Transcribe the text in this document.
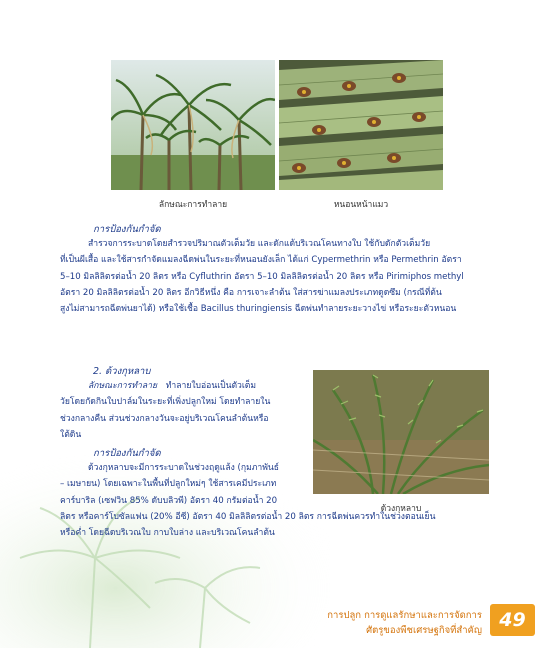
ลักษณะการทำลาย	หนอนหน้าแมว
การป้องกันกำจัด
สำรวจการระบาดโดยสำรวจปริมาณตัวเต็มวัย และดักแด้บริเวณโคนทางใบ ใช้กับดักตัวเต็มวัย
ที่เป็นผีเสื้อ และใช้สารกำจัดแมลงฉีดพ่นในระยะที่หนอนยังเล็ก ได้แก่ Cypermethrin หรือ Permethrin อัตรา
5–10 มิลลิลิตรต่อน้ำ 20 ลิตร หรือ Cyfluthrin อัตรา 5–10 มิลลิลิตรต่อน้ำ 20 ลิตร หรือ Pirimiphos methyl
อัตรา 20 มิลลิลิตรต่อน้ำ 20 ลิตร อีกวิธีหนึ่ง คือ การเจาะลำต้น ใส่สารฆ่าแมลงประเภทดูดซึม (กรณีที่ต้น
สูงไม่สามารถฉีดพ่นยาได้) หรือใช้เชื้อ Bacillus thuringiensis ฉีดพ่นทำลายระยะวางไข่ หรือระยะตัวหนอน
2. ด้วงกุหลาบ
ลักษณะการทำลาย ทำลายใบอ่อนเป็นตัวเต็ม
วัยโดยกัดกินใบปาล์มในระยะที่เพิ่งปลูกใหม่ โดยทำลายใน
ช่วงกลางคืน ส่วนช่วงกลางวันจะอยู่บริเวณโคนลำต้นหรือ
ใต้ดิน
การป้องกันกำจัด
ด้วงกุหลาบจะมีการระบาดในช่วงฤดูแล้ง (กุมภาพันธ์
– เมษายน) โดยเฉพาะในพื้นที่ปลูกใหม่ๆ ใช้สารเคมีประเภท
คาร์บาริล (เซฟวิน 85% ดับบลิวพี) อัตรา 40 กรัมต่อน้ำ 20
ลิตร หรือคาร์โบซัลแฟน (20% อีซี) อัตรา 40 มิลลิลิตรต่อน้ำ 20 ลิตร การฉีดพ่นควรทำในช่วงตอนเย็น
หรือค่ำ โดยฉีดบริเวณใบ กาบใบล่าง และบริเวณโคนลำต้น
ด้วงกุหลาบ
การปลูก การดูแลรักษาและการจัดการ
ศัตรูของพืชเศรษฐกิจที่สำคัญ 49
